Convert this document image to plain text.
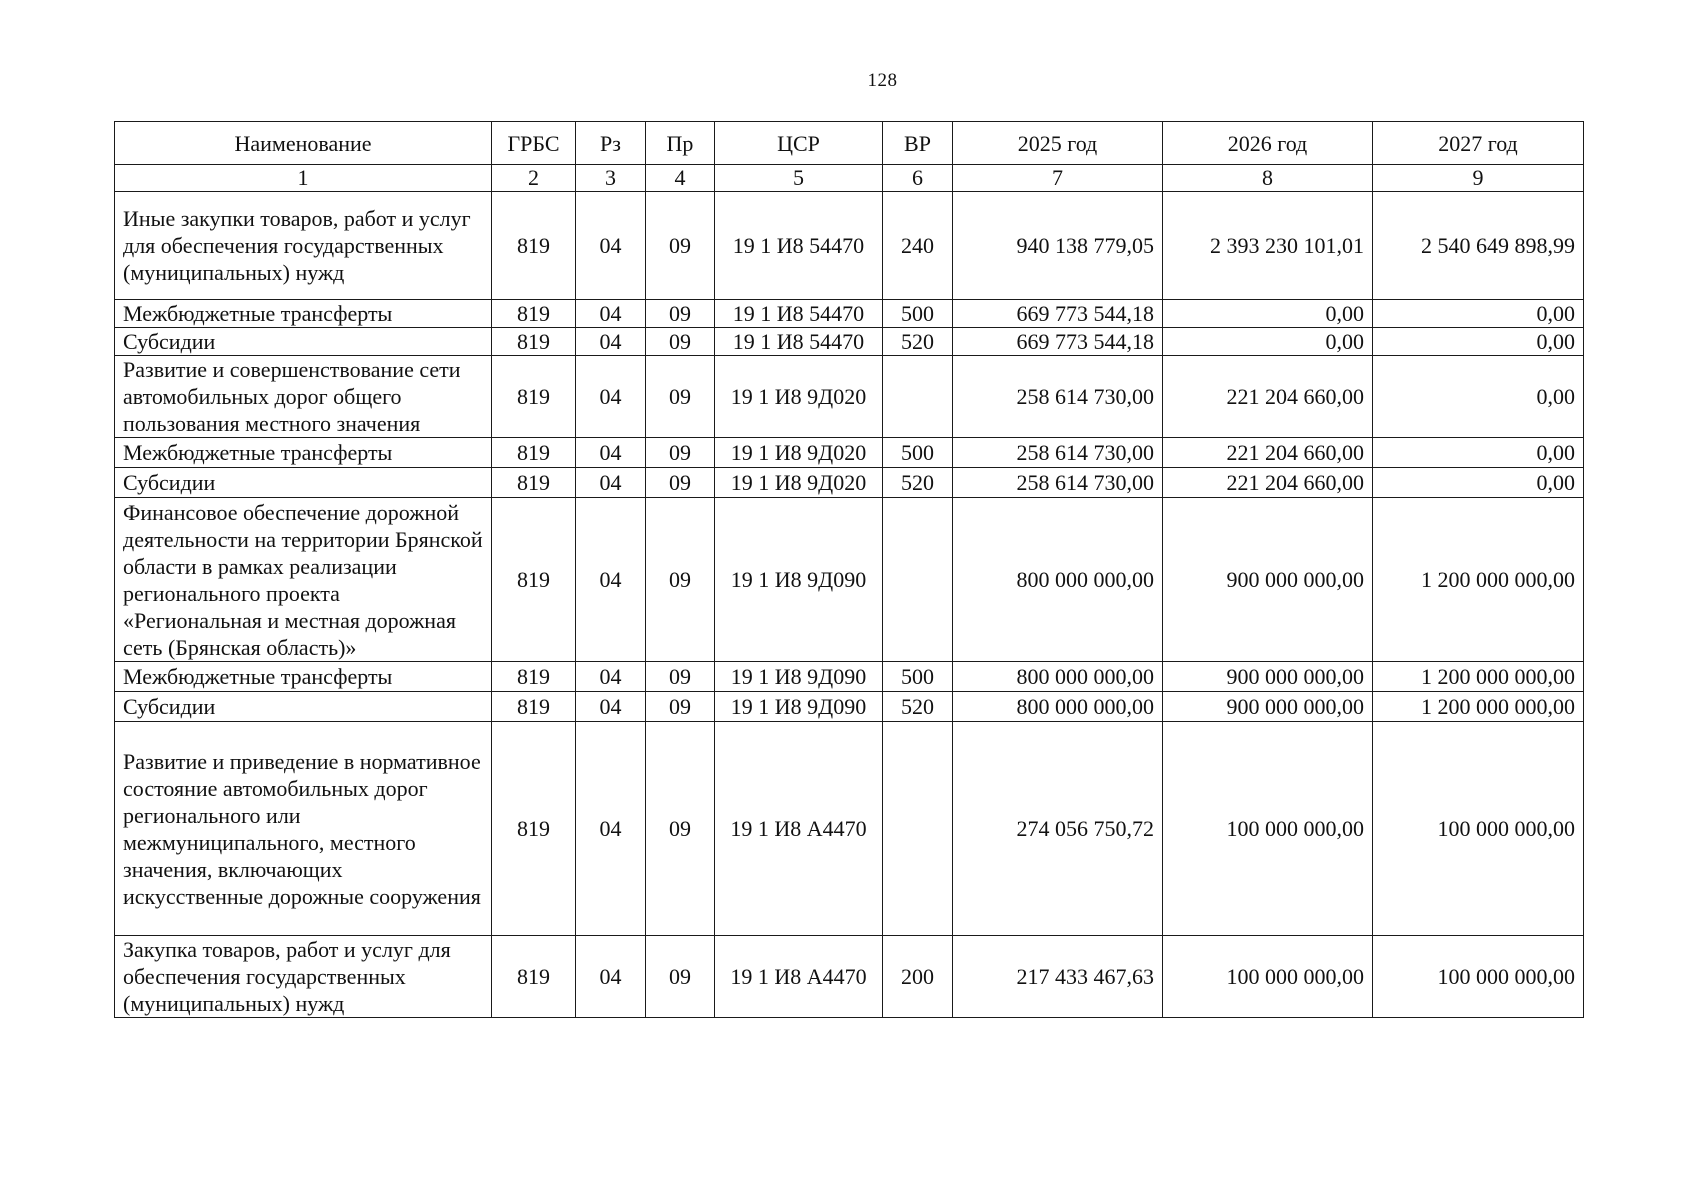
128
Наименование	ГРБС	Рз	Пр	ЦСР	ВР	2025 год	2026 год	2027 год
1	2	3	4	5	6	7	8	9
Иные закупки товаров, работ и услуг для обеспечения государственных (муниципальных) нужд	819	04	09	19 1 И8 54470	240	940 138 779,05	2 393 230 101,01	2 540 649 898,99
Межбюджетные трансферты	819	04	09	19 1 И8 54470	500	669 773 544,18	0,00	0,00
Субсидии	819	04	09	19 1 И8 54470	520	669 773 544,18	0,00	0,00
Развитие и совершенствование сети автомобильных дорог общего пользования местного значения	819	04	09	19 1 И8 9Д020		258 614 730,00	221 204 660,00	0,00
Межбюджетные трансферты	819	04	09	19 1 И8 9Д020	500	258 614 730,00	221 204 660,00	0,00
Субсидии	819	04	09	19 1 И8 9Д020	520	258 614 730,00	221 204 660,00	0,00
Финансовое обеспечение дорожной деятельности на территории Брянской области в рамках реализации регионального проекта «Региональная и местная дорожная сеть (Брянская область)»	819	04	09	19 1 И8 9Д090		800 000 000,00	900 000 000,00	1 200 000 000,00
Межбюджетные трансферты	819	04	09	19 1 И8 9Д090	500	800 000 000,00	900 000 000,00	1 200 000 000,00
Субсидии	819	04	09	19 1 И8 9Д090	520	800 000 000,00	900 000 000,00	1 200 000 000,00
Развитие и приведение в нормативное состояние автомобильных дорог регионального или межмуниципального, местного значения, включающих искусственные дорожные сооружения	819	04	09	19 1 И8 А4470		274 056 750,72	100 000 000,00	100 000 000,00
Закупка товаров, работ и услуг для обеспечения государственных (муниципальных) нужд	819	04	09	19 1 И8 А4470	200	217 433 467,63	100 000 000,00	100 000 000,00
